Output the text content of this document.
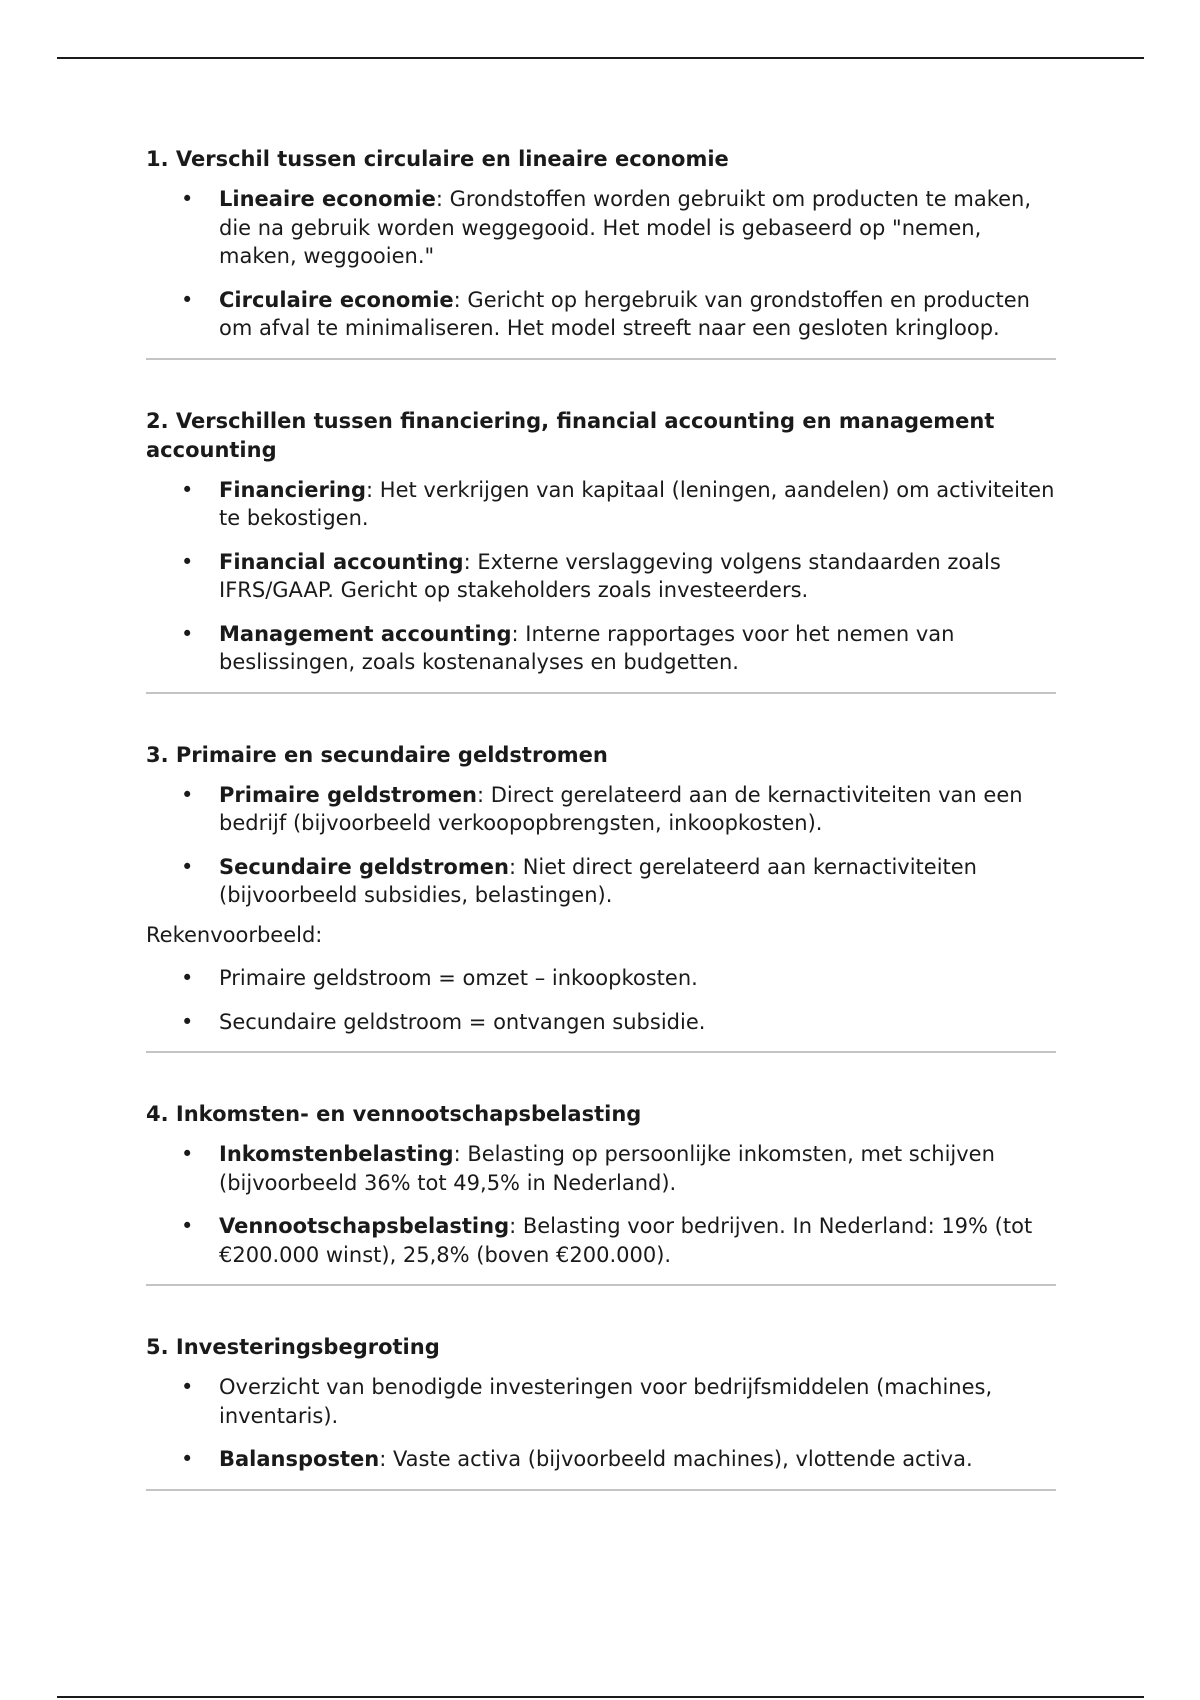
1. Verschil tussen circulaire en lineaire economie
• Lineaire economie: Grondstoffen worden gebruikt om producten te maken, die na gebruik worden weggegooid. Het model is gebaseerd op "nemen, maken, weggooien."
• Circulaire economie: Gericht op hergebruik van grondstoffen en producten om afval te minimaliseren. Het model streeft naar een gesloten kringloop.
2. Verschillen tussen financiering, financial accounting en management accounting
• Financiering: Het verkrijgen van kapitaal (leningen, aandelen) om activiteiten te bekostigen.
• Financial accounting: Externe verslaggeving volgens standaarden zoals IFRS/GAAP. Gericht op stakeholders zoals investeerders.
• Management accounting: Interne rapportages voor het nemen van beslissingen, zoals kostenanalyses en budgetten.
3. Primaire en secundaire geldstromen
• Primaire geldstromen: Direct gerelateerd aan de kernactiviteiten van een bedrijf (bijvoorbeeld verkoopopbrengsten, inkoopkosten).
• Secundaire geldstromen: Niet direct gerelateerd aan kernactiviteiten (bijvoorbeeld subsidies, belastingen).

Rekenvoorbeeld:

• Primaire geldstroom = omzet – inkoopkosten.
• Secundaire geldstroom = ontvangen subsidie.
4. Inkomsten- en vennootschapsbelasting
• Inkomstenbelasting: Belasting op persoonlijke inkomsten, met schijven (bijvoorbeeld 36% tot 49,5% in Nederland).
• Vennootschapsbelasting: Belasting voor bedrijven. In Nederland: 19% (tot €200.000 winst), 25,8% (boven €200.000).
5. Investeringsbegroting
• Overzicht van benodigde investeringen voor bedrijfsmiddelen (machines, inventaris).
• Balansposten: Vaste activa (bijvoorbeeld machines), vlottende activa.
